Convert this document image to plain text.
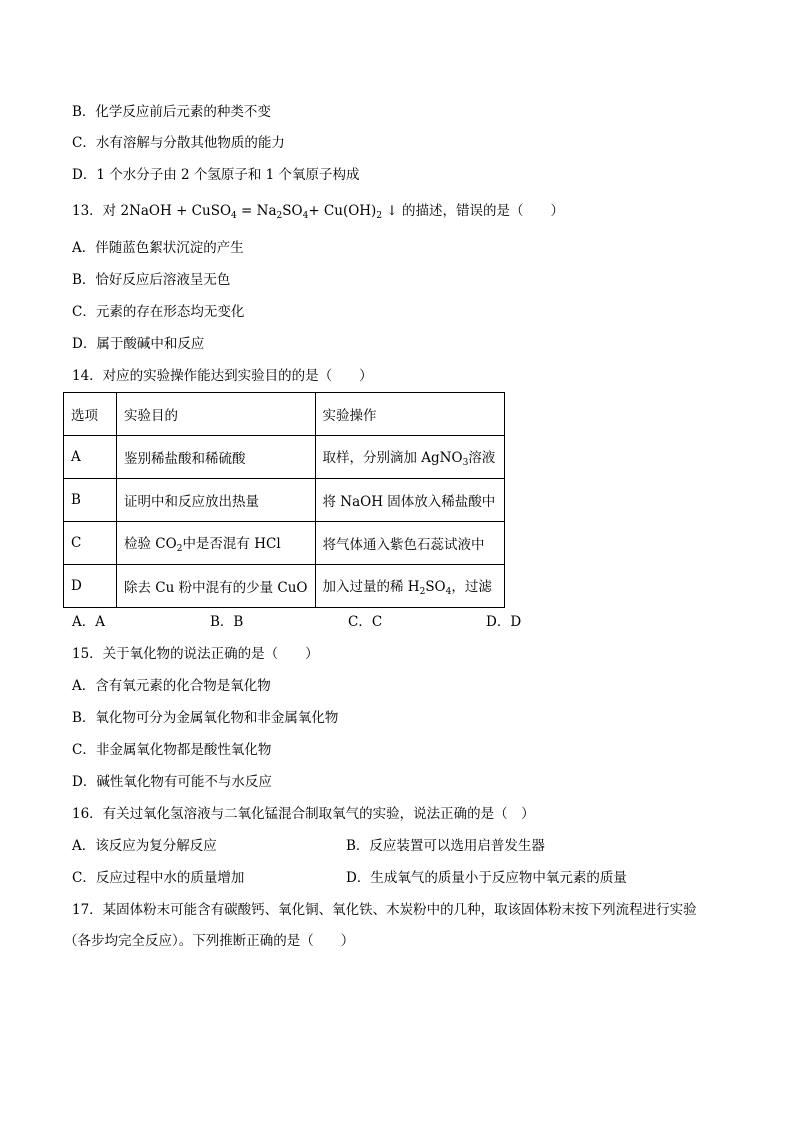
B．化学反应前后元素的种类不变
C．水有溶解与分散其他物质的能力
D．1 个水分子由 2 个氢原子和 1 个氧原子构成
13．对 2NaOH + CuSO$_4$ = $Na_2SO_4+ Cu(OH)_2$ ↓ 的描述，错误的是（　　）
A．伴随蓝色絮状沉淀的产生
B．恰好反应后溶液呈无色
C．元素的存在形态均无变化
D．属于酸碱中和反应
14．对应的实验操作能达到实验目的的是（　　）
选项	实验目的	实验操作
A	鉴别稀盐酸和稀硫酸	取样，分别滴加 AgNO$_3$溶液
B	证明中和反应放出热量	将 NaOH 固体放入稀盐酸中
C	检验 $CO_2$中是否混有 HCl	将气体通入紫色石蕊试液中
D	除去 Cu 粉中混有的少量 CuO	加入过量的稀 $H_2SO_4$，过滤
A．A	B．B	C．C	D．D
15．关于氧化物的说法正确的是（　　）
A．含有氧元素的化合物是氧化物
B．氧化物可分为金属氧化物和非金属氧化物
C．非金属氧化物都是酸性氧化物
D．碱性氧化物有可能不与水反应
16．有关过氧化氢溶液与二氧化锰混合制取氧气的实验，说法正确的是（　）
A．该反应为复分解反应	B．反应装置可以选用启普发生器
C．反应过程中水的质量增加	D．生成氧气的质量小于反应物中氧元素的质量
17．某固体粉末可能含有碳酸钙、氧化铜、氧化铁、木炭粉中的几种，取该固体粉末按下列流程进行实验
（各步均完全反应）。下列推断正确的是（　　）
